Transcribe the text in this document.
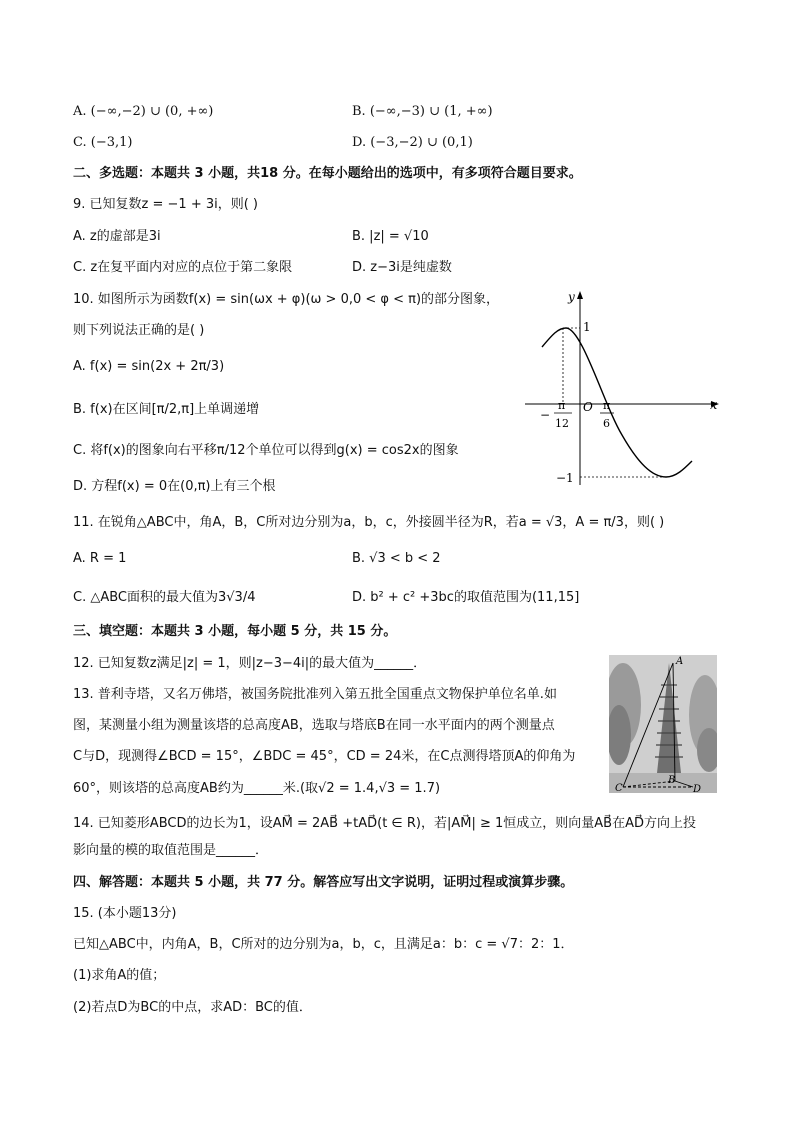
A. (−∞,−2) ∪ (0, +∞)	B. (−∞,−3) ∪ (1, +∞)
C. (−3,1)	D. (−3,−2) ∪ (0,1)
二、多选题：本题共 3 小题，共18 分。在每小题给出的选项中，有多项符合题目要求。
9. 已知复数z = −1 + 3i，则( )
A. z的虚部是3i	B. |z| = √10
C. z在复平面内对应的点位于第二象限	D. z−3i是纯虚数
10. 如图所示为函数f(x) = sin(ωx + φ)(ω > 0,0 < φ < π)的部分图象，
则下列说法正确的是( )
A. f(x) = sin(2x + 2π/3)
B. f(x)在区间[π/2,π]上单调递增
C. 将f(x)的图象向右平移π/12个单位可以得到g(x) = cos2x的图象
D. 方程f(x) = 0在(0,π)上有三个根
y
x
O
1
−1
−
π
12
π
6
11. 在锐角△ABC中，角A，B，C所对边分别为a，b，c，外接圆半径为R，若a = √3，A = π/3，则( )
A. R = 1	B. √3 < b < 2
C. △ABC面积的最大值为3√3/4	D. b² + c² +3bc的取值范围为(11,15]
三、填空题：本题共 3 小题，每小题 5 分，共 15 分。
12. 已知复数z满足|z| = 1，则|z−3−4i|的最大值为______．
13. 普利寺塔，又名万佛塔，被国务院批准列入第五批全国重点文物保护单位名单.如
图，某测量小组为测量该塔的总高度AB，选取与塔底B在同一水平面内的两个测量点
C与D，现测得∠BCD = 15°，∠BDC = 45°，CD = 24米，在C点测得塔顶A的仰角为
60°，则该塔的总高度AB约为______米.(取√2 = 1.4,√3 = 1.7)
A
B
C	D
14. 已知菱形ABCD的边长为1，设AM⃗ = 2AB⃗ +tAD⃗(t ∈ R)，若|AM⃗| ≥ 1恒成立，则向量AB⃗在AD⃗方向上投
影向量的模的取值范围是______．
四、解答题：本题共 5 小题，共 77 分。解答应写出文字说明，证明过程或演算步骤。
15. (本小题13分)
已知△ABC中，内角A，B，C所对的边分别为a，b，c，且满足a：b：c = √7：2：1．
(1)求角A的值；
(2)若点D为BC的中点，求AD：BC的值．
